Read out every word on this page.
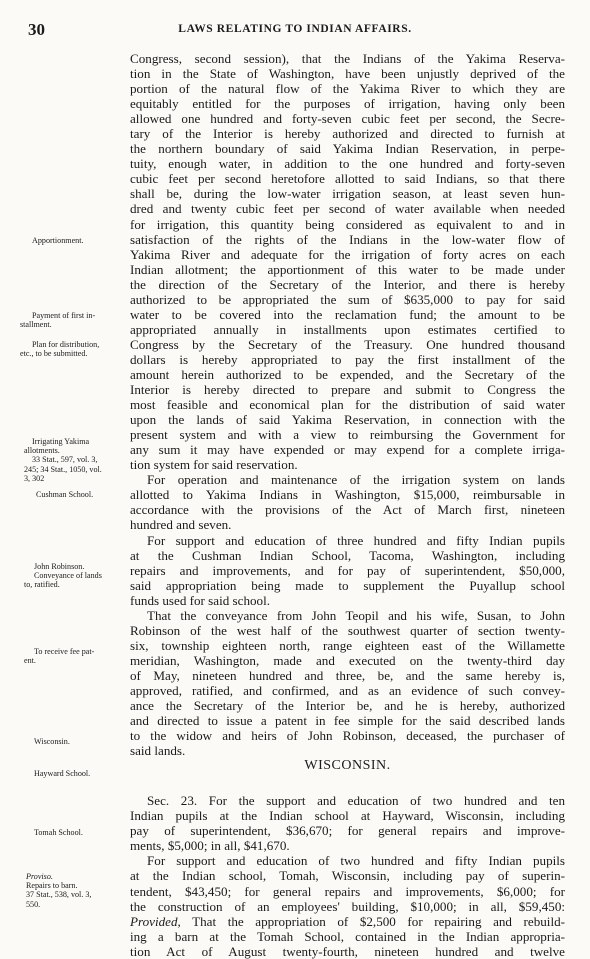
30	LAWS RELATING TO INDIAN AFFAIRS.
Apportionment.
Payment of first in-
stallment.
Plan for distribution,
etc., to be submitted.
Irrigating Yakima
allotments.
33 Stat., 597, vol. 3,
245; 34 Stat., 1050, vol.
3, 302
Cushman School.
John Robinson.
Conveyance of lands
to, ratified.
To receive fee pat-
ent.
Wisconsin.
Hayward School.
Tomah School.
Proviso.
Repairs to barn.
37 Stat., 538, vol. 3,
550.
Congress, second session), that the Indians of the Yakima Reserva-
tion in the State of Washington, have been unjustly deprived of the
portion of the natural flow of the Yakima River to which they are
equitably entitled for the purposes of irrigation, having only been
allowed one hundred and forty-seven cubic feet per second, the Secre-
tary of the Interior is hereby authorized and directed to furnish at
the northern boundary of said Yakima Indian Reservation, in perpe-
tuity, enough water, in addition to the one hundred and forty-seven
cubic feet per second heretofore allotted to said Indians, so that there
shall be, during the low-water irrigation season, at least seven hun-
dred and twenty cubic feet per second of water available when needed
for irrigation, this quantity being considered as equivalent to and in
satisfaction of the rights of the Indians in the low-water flow of
Yakima River and adequate for the irrigation of forty acres on each
Indian allotment; the apportionment of this water to be made under
the direction of the Secretary of the Interior, and there is hereby
authorized to be appropriated the sum of $635,000 to pay for said
water to be covered into the reclamation fund; the amount to be
appropriated annually in installments upon estimates certified to
Congress by the Secretary of the Treasury. One hundred thousand
dollars is hereby appropriated to pay the first installment of the
amount herein authorized to be expended, and the Secretary of the
Interior is hereby directed to prepare and submit to Congress the
most feasible and economical plan for the distribution of said water
upon the lands of said Yakima Reservation, in connection with the
present system and with a view to reimbursing the Government for
any sum it may have expended or may expend for a complete irriga-
tion system for said reservation.
For operation and maintenance of the irrigation system on lands
allotted to Yakima Indians in Washington, $15,000, reimbursable in
accordance with the provisions of the Act of March first, nineteen
hundred and seven.
For support and education of three hundred and fifty Indian pupils
at the Cushman Indian School, Tacoma, Washington, including
repairs and improvements, and for pay of superintendent, $50,000,
said appropriation being made to supplement the Puyallup school
funds used for said school.
That the conveyance from John Teopil and his wife, Susan, to John
Robinson of the west half of the southwest quarter of section twenty-
six, township eighteen north, range eighteen east of the Willamette
meridian, Washington, made and executed on the twenty-third day
of May, nineteen hundred and three, be, and the same hereby is,
approved, ratified, and confirmed, and as an evidence of such convey-
ance the Secretary of the Interior be, and he is hereby, authorized
and directed to issue a patent in fee simple for the said described lands
to the widow and heirs of John Robinson, deceased, the purchaser of
said lands.
WISCONSIN.
Sec. 23. For the support and education of two hundred and ten
Indian pupils at the Indian school at Hayward, Wisconsin, including
pay of superintendent, $36,670; for general repairs and improve-
ments, $5,000; in all, $41,670.
For support and education of two hundred and fifty Indian pupils
at the Indian school, Tomah, Wisconsin, including pay of superin-
tendent, $43,450; for general repairs and improvements, $6,000; for
the construction of an employees' building, $10,000; in all, $59,450:
Provided, That the appropriation of $2,500 for repairing and rebuild-
ing a barn at the Tomah School, contained in the Indian appropria-
tion Act of August twenty-fourth, nineteen hundred and twelve
